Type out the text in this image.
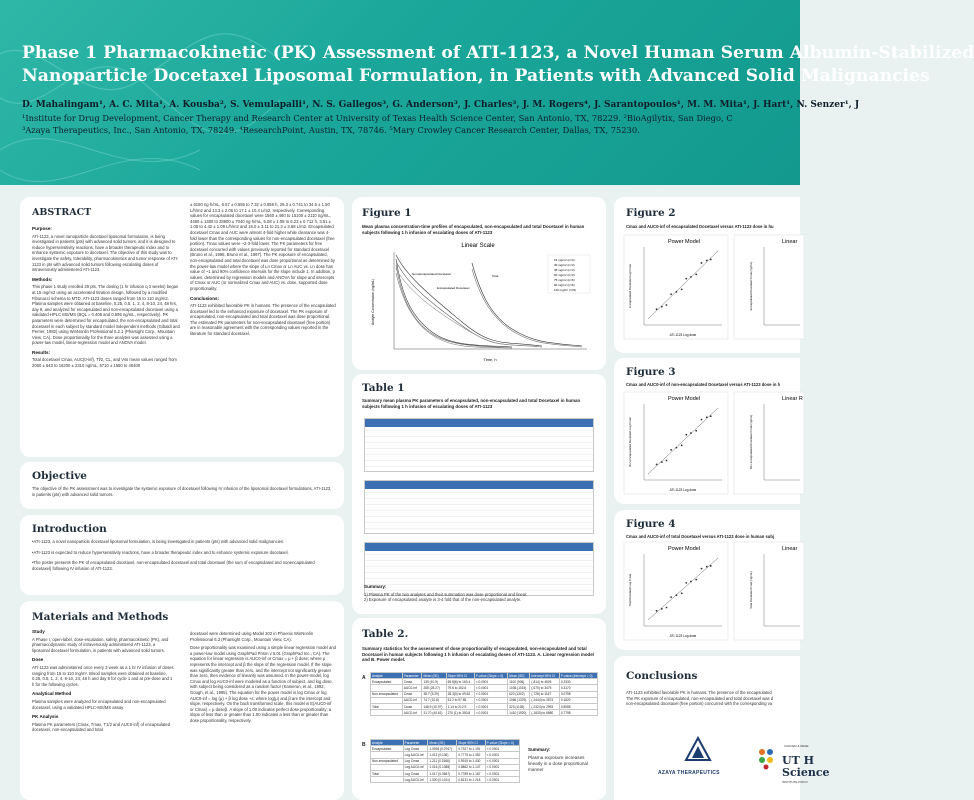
Phase 1 Pharmacokinetic (PK) Assessment of ATI-1123, a Novel Human Serum Albumin-Stabilized
Nanoparticle Docetaxel Liposomal Formulation, in Patients with Advanced Solid Malignancies
D. Mahalingam¹, A. C. Mita¹, A. Kousba², S. Vemulapalli¹, N. S. Gallegos³, G. Anderson³, J. Charles³, J. M. Rogers⁴, J. Sarantopoulos¹, M. M. Mita¹, J. Hart¹, N. Senzer¹, J
¹Institute for Drug Development, Cancer Therapy and Research Center at University of Texas Health Science Center, San Antonio, TX, 78229. ²BioAgilytix, San Diego, C
³Azaya Therapeutics, Inc., San Antonio, TX, 78249. ⁴ResearchPoint, Austin, TX, 78746. ⁵Mary Crowley Cancer Research Center, Dallas, TX, 75230.
ABSTRACT
Purpose:
ATI-1123, a novel nanoparticle docetaxel liposomal formulation, is being investigated in patients (pts) with advanced solid tumors, and it is designed to reduce hypersensitivity reactions, have a broader therapeutic index and to enhance systemic exposure to docetaxel. The objective of this study was to investigate the safety, tolerability, pharmacokinetics and tumor response of ATI-1123 in pts with advanced solid tumors following escalating doses of intravenously administered ATI-1123.
Methods:
This phase 1 study enrolled 29 pts. The dosing (1 hr infusion q 3 weeks) began at 15 mg/m2 using an accelerated titration design, followed by a modified Fibonacci schema to MTD. ATI-1123 doses ranged from 15 to 110 mg/m2. Plasma samples were obtained at baseline, 0.25, 0.5, 1, 2, 4, 8-10, 24, 48 hrs, day 8, and analyzed for encapsulated and non-encapsulated docetaxel using a validated HPLC MS/MS (BQL = 0.405 and 0.595 ng/mL, respectively). PK parameters were determined for encapsulated, the non-encapsulated and total docetaxel in each subject by standard model independent methods (Gibaldi and Perrier, 1982) using WinNonlin Professional 5.2.1 (Pharsight Corp., Mountain View, CA). Dose proportionality for the three analytes was assessed using a power-law model, linear-regression model and ANOVA model.
Results:
Total docetaxel Cmax, AUC(0-inf), Tl/2, CL, and Vss mean values ranged from 2060 ± 643 to 16200 ± 2310 ng/mL, 5710 ± 1550 to 40400
± 6160 ng·h/mL, 6.57 ± 0.555 to 7.32 ± 0.958 h, 26.3 ± 0.741 to 34.5 ± 1.50 L/h/m2 and 13.3 ± 2.06 to 17.1 ± 10.4 L/m2, respectively. Corresponding values for encapsulated docetaxel were 1560 ± 460 to 15100 ± 2110 ng/mL, 4480 ± 1380 to 28900 ± 7040 ng·h/mL, 5.08 ± 1.08 to 6.23 ± 0.712 h, 3.51 ± 1.08 to 4.42 ± 1.09 L/h/m2 and 15.0 ± 3.11 to 21.3 ± 3.68 L/m2. Encapsulated docetaxel Cmax and AUC were almost 4-fold higher while clearance was 4-fold lower than the corresponding values for non-encapsulated docetaxel (free portion). Tmax values were ~2-3-fold lower. The PK parameters for free docetaxel concurred with values previously reported for standard docetaxel (Bruno et al., 1998, Bruno et al., 1997). The PK exposure of encapsulated, non-encapsulated and total docetaxel was dose proportional as determined by the power-law model where the slope of Ln Cmax or Ln AUC vs. Ln dose has value of ~1 and 90% confidence intervals for the slope include 1. In addition, p values, determined by regression models and ANOVA for slope and intercepts of Cmax or AUC (or normalized Cmax and AUC) vs. dose, supported dose proportionality.
Conclusions:
ATI-1123 exhibited favorable PK in humans. The presence of the encapsulated docetaxel led to the enhanced exposure of docetaxel. The PK exposure of encapsulated, non-encapsulated and total docetaxel was dose proportional. The estimated PK parameters for non-encapsulated docetaxel (free portion) are in reasonable agreement with the corresponding values reported in the literature for standard docetaxel.
Objective
The objective of the PK assessment was to investigate the systemic exposure of docetaxel following IV infusion of the liposomal docetaxel formulations, ATI-1123, in patients (pts) with advanced solid tumors.
Introduction
•ATI-1123, a novel nanoparticle docetaxel liposomal formulation, is being investigated in patients (pts) with advanced solid malignancies.
•ATI-1123 is expected to reduce hypersensitivity reactions, have a broader therapeutic index and to enhance systemic exposure docetaxel.
•The poster presents the PK of encapsulated docetaxel, non-encapsulated docetaxel and total docetaxel (the sum of encapsulated and nonencapsulated docetaxel) following IV infusion of ATI-1123.
Materials and Methods
Study
A Phase I, open-label, dose-escalation, safety, pharmacokinetic (PK), and pharmacodynamic study of intravenously administered ATI-1123, a liposomal docetaxel formulation, in patients with advanced solid tumors.
Dose
ATI-1123 was administered once every 3 week as a 1 hr IV infusion of doses ranging from 15 to 110 mg/m². Blood samples were obtained at baseline, 0.25, 0.5, 1, 2, 4, 8-10, 24, 48 h and day 8 for cycle 1 and at pre-dose and 1 h for the following cycles.
Analytical Method
Plasma samples were analyzed for encapsulated and non-encapsulated docetaxel, using a validated HPLC-MS/MS assay.
PK Analysis
Plasma PK parameters (Cmax, Tmax, T1/2 and AUC0-inf) of encapsulated docetaxel, non-encapsulated and total
docetaxel were determined using Model 202 in Phoenix WinNonlin Professional 6.3 (Pharsight Corp., Mountain View, CA).
Dose proportionality was examined using a simple linear regression model and a power-law model using GraphPad Prism v 5.01 (GraphPad Inc., CA). The equation for linear regression is AUC0-inf or Cmax = μ + β dose; where μ represents the intercept and β the slope of the regression model. If the slope was significantly greater than zero, and the intercept not significantly greater than zero, then evidence of linearity was assumed. In the power-model, log Cmax and log AUC0-inf were modeled as a function of subject, and log dose, with subject being considered as a random factor (Kamerun, et al., 1992; Gough, et al., 1995). The equation for the power model is log Cmax or log AUC0-inf = log (μ) + β log dose +ε; where log(μ) and β are the intercept and slope, respectively. On the back transformed scale, this model is E(AUC0-inf or Cmax) = μ doseβ. A slope of 1.00 indicates perfect dose proportionality; a slope of less than or greater than 1.00 indicates a less than or greater than dose proportionality, respectively.
Figure 1
Mean plasma concentration-time profiles of encapsulated, non-encapsulated and total Docetaxel in human subjects following 1 h infusion of escalating doses of ATI-1123
Linear Scale
Analyte Concentration (ng/mL)
Time, h
Non-Encapsulated Docetaxel
Encapsulated Docetaxel
Total
15 mg/m² (n=3)
30 mg/m² (n=3)
45 mg/m² (n=3)
60 mg/m² (n=3)
75 mg/m² (n=6)
90 mg/m² (n=6)
110 mg/m² (n=5)
Table 1
Summary mean plasma PK parameters of encapsulated, non-encapsulated and total Docetaxel in human subjects following 1 h infusion of escalating doses of ATI-1123
Summary:
1) Plasma PK of the two analytes and their summation was dose proportional and linear.
2) Exposure of encapsulated analyte is 3-4 fold that of the non-encapsulated analyte.
Table 2.
Summary statistics for the assessment of dose proportionality of encapsulated, non-encapsulated and total Docetaxel in human subjects following 1 h infusion of escalating doses of ATI-1123. A. Linear regression model and B. Power model.
A Analyte	Parameter	Mean (SE)	Slope 95% CI	P-value (Slope = 0)	Mean (SE)	Intercept 95% CI	P-value (Intercept = 0)
Encapsulated	Cmax	135 (10.9)	69.8(6) to 163.4	< 0.0001	1100 (906)	(-814) to 4526	0.2330
	AUC0-inf	255 (25.27)	79.6 to 152.6	< 0.0001	1035 (1015)	(-670) to 3475	0.3170
Non-encapsulated	Cmax	38.7 (5.29)	28.3(0) to 49.62	< 0.0001	620 (1302)	(-728) to 1167	0.0798
	AUC0-inf	74.7 (10.8)	51.2 to 97.85	< 0.0001	1066 (1375)	(-1444) to 3574	0.1620
Total	Cmax	148.9 (10.97)	1.14 to 212.9	< 0.0001	323 (1135)	(-2324) to 2993	0.8085
	AUC0-inf	31.70 (44.61)	270 (1) to 350.8	< 0.0001	1410 (1920)	(-1830) to 6880	0.7798
B Analyte	Parameter	Mean (SE)	Slope 95% CI	P-value (Slope = 0)
Encapsulated	Log Cmax	1.0928 (0.0767)	0.7327 to 1.191	< 0.0001
	Log AUC0-inf	1.012 (0.136)	0.7775 to 1.352	< 0.0001
Non-encapsulated	Log Cmax	1.211 (0.1566)	0.9919 to 1.430	< 0.0001
	Log AUC0-inf	1.016 (0.1088)	0.8862 to 1.147	< 0.0001
Total	Log Cmax	1.017 (0.0667)	0.7789 to 1.187	< 0.0001
	Log AUC0-inf	1.000 (0.1011)	0.8131 to 1.218	< 0.0001
Summary:
Plasma exposure increases linearly in a dose proportional manner
Figure 2
Cmax and AUC0-inf of encapsulated Docetaxel versus ATI-1123 dose in hu
Power Model
Encapsulated Docetaxel Log Cmax
ATI-1123 Log dose
Linear
Encapsulated Docetaxel Cmax (ng/mL)
Figure 3
Cmax and AUC0-inf of non-encapsulated Docetaxel versus ATI-1123 dose in h
Power Model
Non-encapsulated Docetaxel Log Cmax
ATI-1123 Log dose
Linear R
Non-encapsulated Docetaxel Cmax (ng/mL)
Figure 4
Cmax and AUC0-inf of total Docetaxel versus ATI-1123 dose in human subj
Power Model
Total Docetaxel Log Cmax
ATI-1123 Log dose
Linear
Total Docetaxel Cmax (ng/mL)
Conclusions
ATI-1123 exhibited favorable PK in humans. The presence of the encapsulated
The PK exposure of encapsulated, non-encapsulated and total docetaxel was d
non-encapsulated docetaxel (free portion) concurred with the corresponding va
AZAYA THERAPEUTICS
CANCER & RESE
UT H
Science
INSTITUTE FOR D
